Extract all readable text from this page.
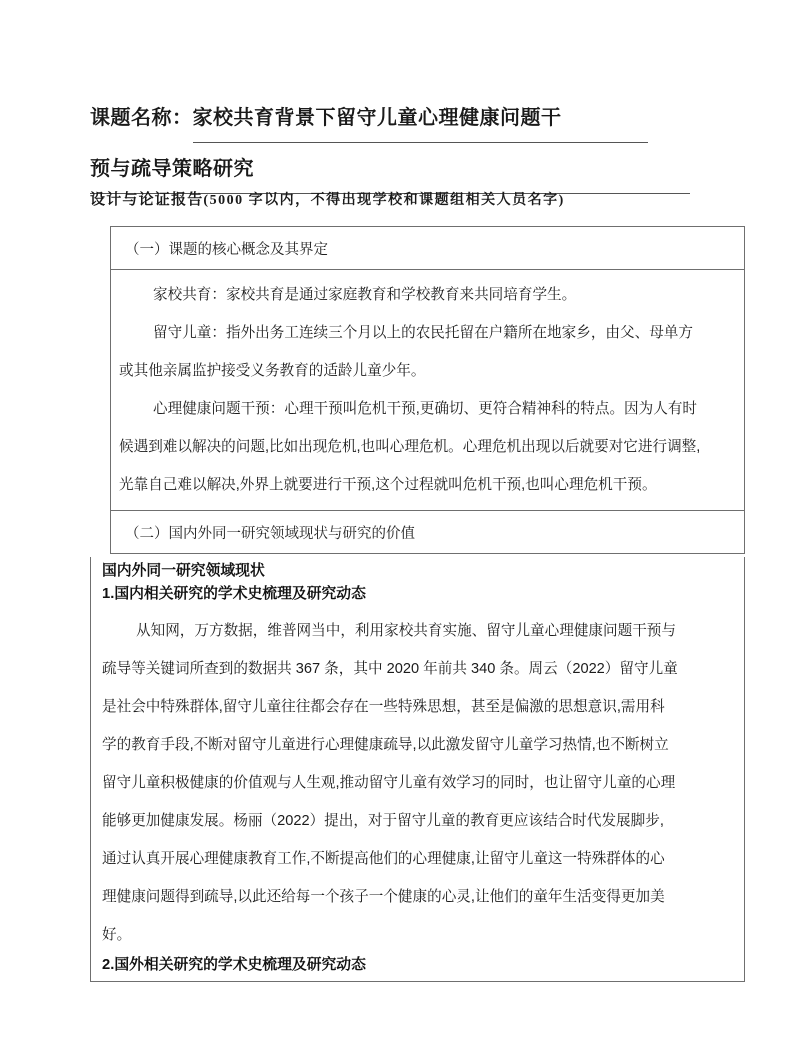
课题名称：家校共育背景下留守儿童心理健康问题干
预与疏导策略研究
设计与论证报告(5000 字以内，不得出现学校和课题组相关人员名字)
（一）课题的核心概念及其界定

家校共育：家校共育是通过家庭教育和学校教育来共同培育学生。
留守儿童：指外出务工连续三个月以上的农民托留在户籍所在地家乡，由父、母单方
或其他亲属监护接受义务教育的适龄儿童少年。
心理健康问题干预：心理干预叫危机干预,更确切、更符合精神科的特点。因为人有时
候遇到难以解决的问题,比如出现危机,也叫心理危机。心理危机出现以后就要对它进行调整,
光靠自己难以解决,外界上就要进行干预,这个过程就叫危机干预,也叫心理危机干预。

（二）国内外同一研究领域现状与研究的价值
国内外同一研究领域现状
1.国内相关研究的学术史梳理及研究动态
从知网，万方数据，维普网当中，利用家校共育实施、留守儿童心理健康问题干预与
疏导等关键词所查到的数据共 367 条，其中 2020 年前共 340 条。周云（2022）留守儿童
是社会中特殊群体,留守儿童往往都会存在一些特殊思想，甚至是偏激的思想意识,需用科
学的教育手段,不断对留守儿童进行心理健康疏导,以此激发留守儿童学习热情,也不断树立
留守儿童积极健康的价值观与人生观,推动留守儿童有效学习的同时，也让留守儿童的心理
能够更加健康发展。杨丽（2022）提出，对于留守儿童的教育更应该结合时代发展脚步,
通过认真开展心理健康教育工作,不断提高他们的心理健康,让留守儿童这一特殊群体的心
理健康问题得到疏导,以此还给每一个孩子一个健康的心灵,让他们的童年生活变得更加美
好。
2.国外相关研究的学术史梳理及研究动态
